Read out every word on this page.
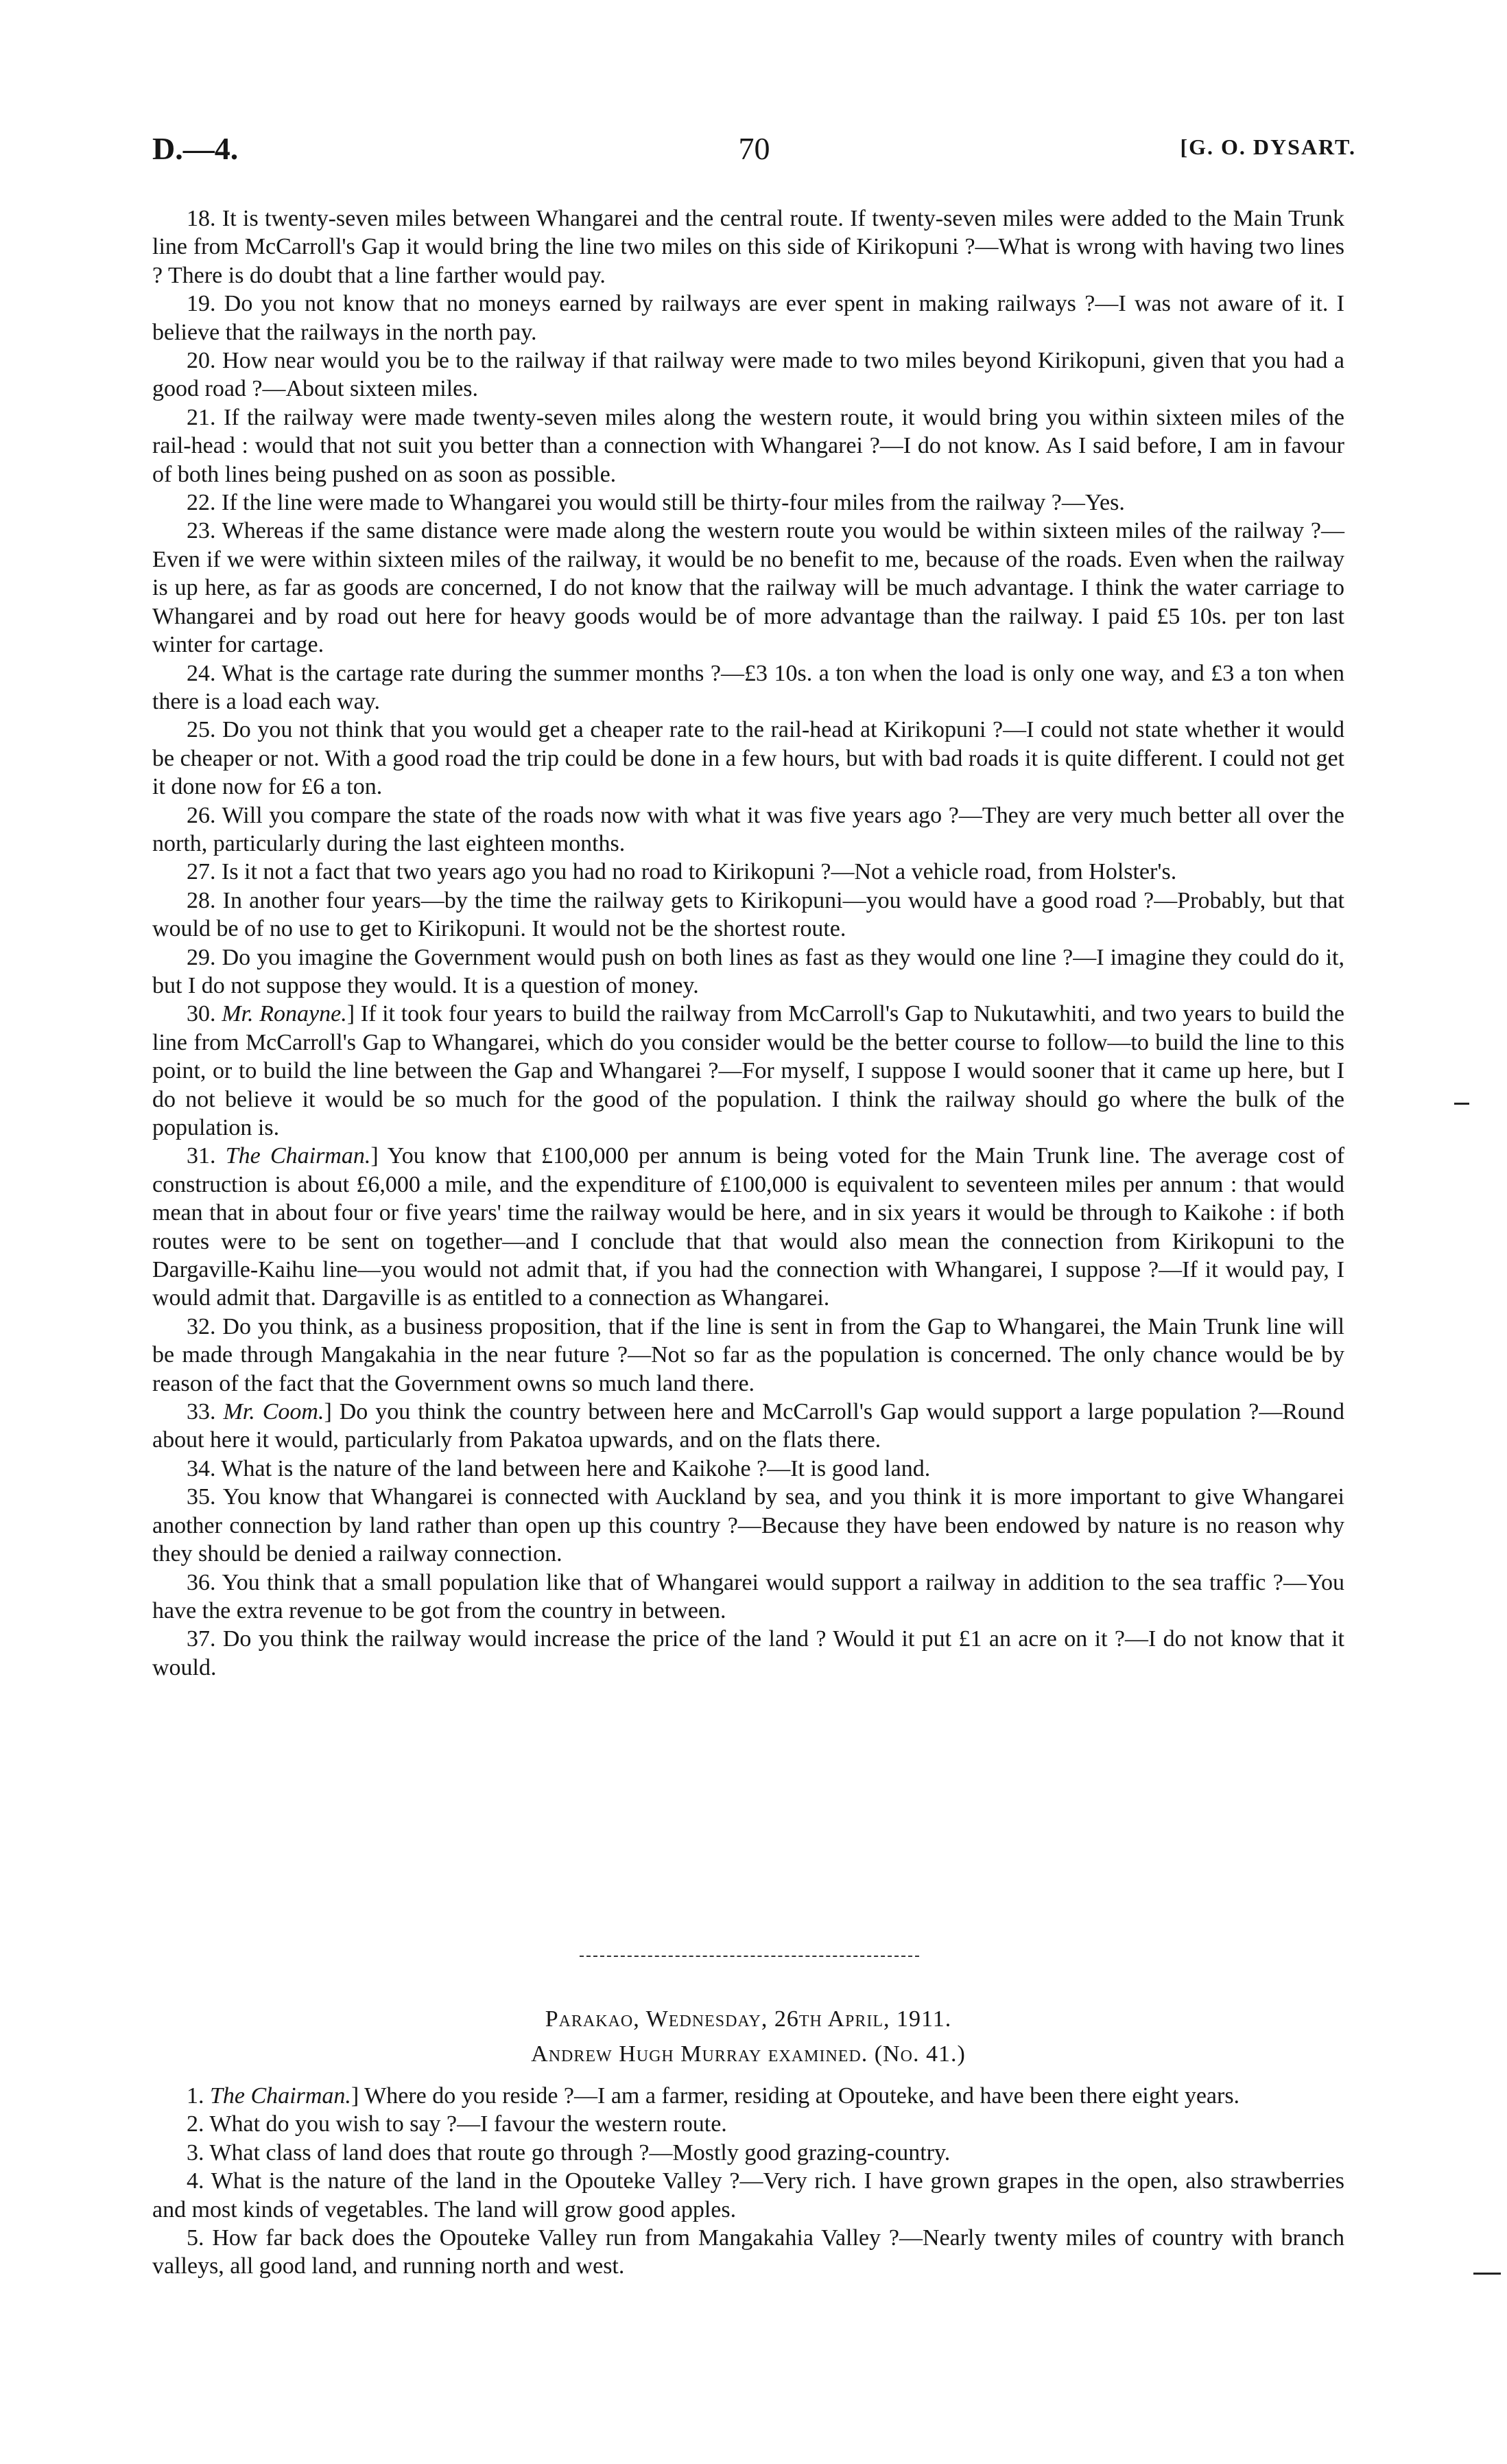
D.—4.	70	[G. O. DYSART.

18. It is twenty-seven miles between Whangarei and the central route. If twenty-seven miles were added to the Main Trunk line from McCarroll's Gap it would bring the line two miles on this side of Kirikopuni ?—What is wrong with having two lines ? There is do doubt that a line farther would pay.

19. Do you not know that no moneys earned by railways are ever spent in making railways ?—I was not aware of it. I believe that the railways in the north pay.

20. How near would you be to the railway if that railway were made to two miles beyond Kirikopuni, given that you had a good road ?—About sixteen miles.

21. If the railway were made twenty-seven miles along the western route, it would bring you within sixteen miles of the rail-head : would that not suit you better than a connection with Whangarei ?—I do not know. As I said before, I am in favour of both lines being pushed on as soon as possible.

22. If the line were made to Whangarei you would still be thirty-four miles from the railway ?—Yes.

23. Whereas if the same distance were made along the western route you would be within sixteen miles of the railway ?—Even if we were within sixteen miles of the railway, it would be no benefit to me, because of the roads. Even when the railway is up here, as far as goods are concerned, I do not know that the railway will be much advantage. I think the water carriage to Whangarei and by road out here for heavy goods would be of more advantage than the railway. I paid £5 10s. per ton last winter for cartage.

24. What is the cartage rate during the summer months ?—£3 10s. a ton when the load is only one way, and £3 a ton when there is a load each way.

25. Do you not think that you would get a cheaper rate to the rail-head at Kirikopuni ?—I could not state whether it would be cheaper or not. With a good road the trip could be done in a few hours, but with bad roads it is quite different. I could not get it done now for £6 a ton.

26. Will you compare the state of the roads now with what it was five years ago ?—They are very much better all over the north, particularly during the last eighteen months.

27. Is it not a fact that two years ago you had no road to Kirikopuni ?—Not a vehicle road, from Holster's.

28. In another four years—by the time the railway gets to Kirikopuni—you would have a good road ?—Probably, but that would be of no use to get to Kirikopuni. It would not be the shortest route.

29. Do you imagine the Government would push on both lines as fast as they would one line ?—I imagine they could do it, but I do not suppose they would. It is a question of money.

30. Mr. Ronayne.] If it took four years to build the railway from McCarroll's Gap to Nukutawhiti, and two years to build the line from McCarroll's Gap to Whangarei, which do you consider would be the better course to follow—to build the line to this point, or to build the line between the Gap and Whangarei ?—For myself, I suppose I would sooner that it came up here, but I do not believe it would be so much for the good of the population. I think the railway should go where the bulk of the population is.

31. The Chairman.] You know that £100,000 per annum is being voted for the Main Trunk line. The average cost of construction is about £6,000 a mile, and the expenditure of £100,000 is equivalent to seventeen miles per annum : that would mean that in about four or five years' time the railway would be here, and in six years it would be through to Kaikohe : if both routes were to be sent on together—and I conclude that that would also mean the connection from Kirikopuni to the Dargaville-Kaihu line—you would not admit that, if you had the connection with Whangarei, I suppose ?—If it would pay, I would admit that. Dargaville is as entitled to a connection as Whangarei.

32. Do you think, as a business proposition, that if the line is sent in from the Gap to Whangarei, the Main Trunk line will be made through Mangakahia in the near future ?—Not so far as the population is concerned. The only chance would be by reason of the fact that the Government owns so much land there.

33. Mr. Coom.] Do you think the country between here and McCarroll's Gap would support a large population ?—Round about here it would, particularly from Pakatoa upwards, and on the flats there.

34. What is the nature of the land between here and Kaikohe ?—It is good land.

35. You know that Whangarei is connected with Auckland by sea, and you think it is more important to give Whangarei another connection by land rather than open up this country ?—Because they have been endowed by nature is no reason why they should be denied a railway connection.

36. You think that a small population like that of Whangarei would support a railway in addition to the sea traffic ?—You have the extra revenue to be got from the country in between.

37. Do you think the railway would increase the price of the land ? Would it put £1 an acre on it ?—I do not know that it would.

Parakao, Wednesday, 26th April, 1911.
Andrew Hugh Murray examined. (No. 41.)

1. The Chairman.] Where do you reside ?—I am a farmer, residing at Opouteke, and have been there eight years.

2. What do you wish to say ?—I favour the western route.

3. What class of land does that route go through ?—Mostly good grazing-country.

4. What is the nature of the land in the Opouteke Valley ?—Very rich. I have grown grapes in the open, also strawberries and most kinds of vegetables. The land will grow good apples.

5. How far back does the Opouteke Valley run from Mangakahia Valley ?—Nearly twenty miles of country with branch valleys, all good land, and running north and west.
